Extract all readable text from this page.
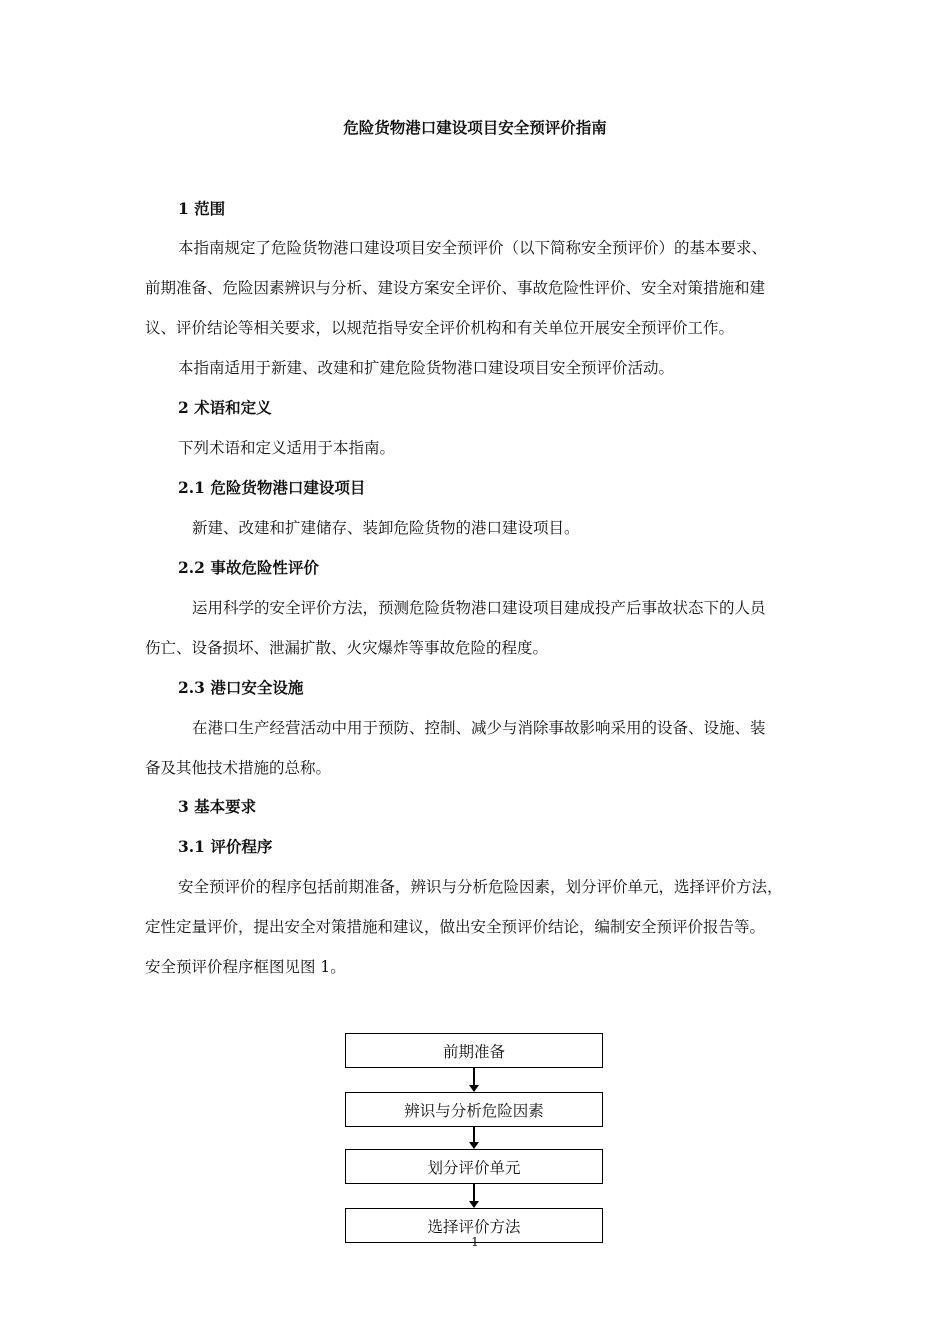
危险货物港口建设项目安全预评价指南
1 范围
本指南规定了危险货物港口建设项目安全预评价（以下简称安全预评价）的基本要求、
前期准备、危险因素辨识与分析、建设方案安全评价、事故危险性评价、安全对策措施和建
议、评价结论等相关要求，以规范指导安全评价机构和有关单位开展安全预评价工作。
本指南适用于新建、改建和扩建危险货物港口建设项目安全预评价活动。
2 术语和定义
下列术语和定义适用于本指南。
2.1 危险货物港口建设项目
新建、改建和扩建储存、装卸危险货物的港口建设项目。
2.2 事故危险性评价
运用科学的安全评价方法，预测危险货物港口建设项目建成投产后事故状态下的人员
伤亡、设备损坏、泄漏扩散、火灾爆炸等事故危险的程度。
2.3 港口安全设施
在港口生产经营活动中用于预防、控制、减少与消除事故影响采用的设备、设施、装
备及其他技术措施的总称。
3 基本要求
3.1 评价程序
安全预评价的程序包括前期准备，辨识与分析危险因素，划分评价单元，选择评价方法，
定性定量评价，提出安全对策措施和建议，做出安全预评价结论，编制安全预评价报告等。
安全预评价程序框图见图 1。
前期准备
辨识与分析危险因素
划分评价单元
选择评价方法
1
